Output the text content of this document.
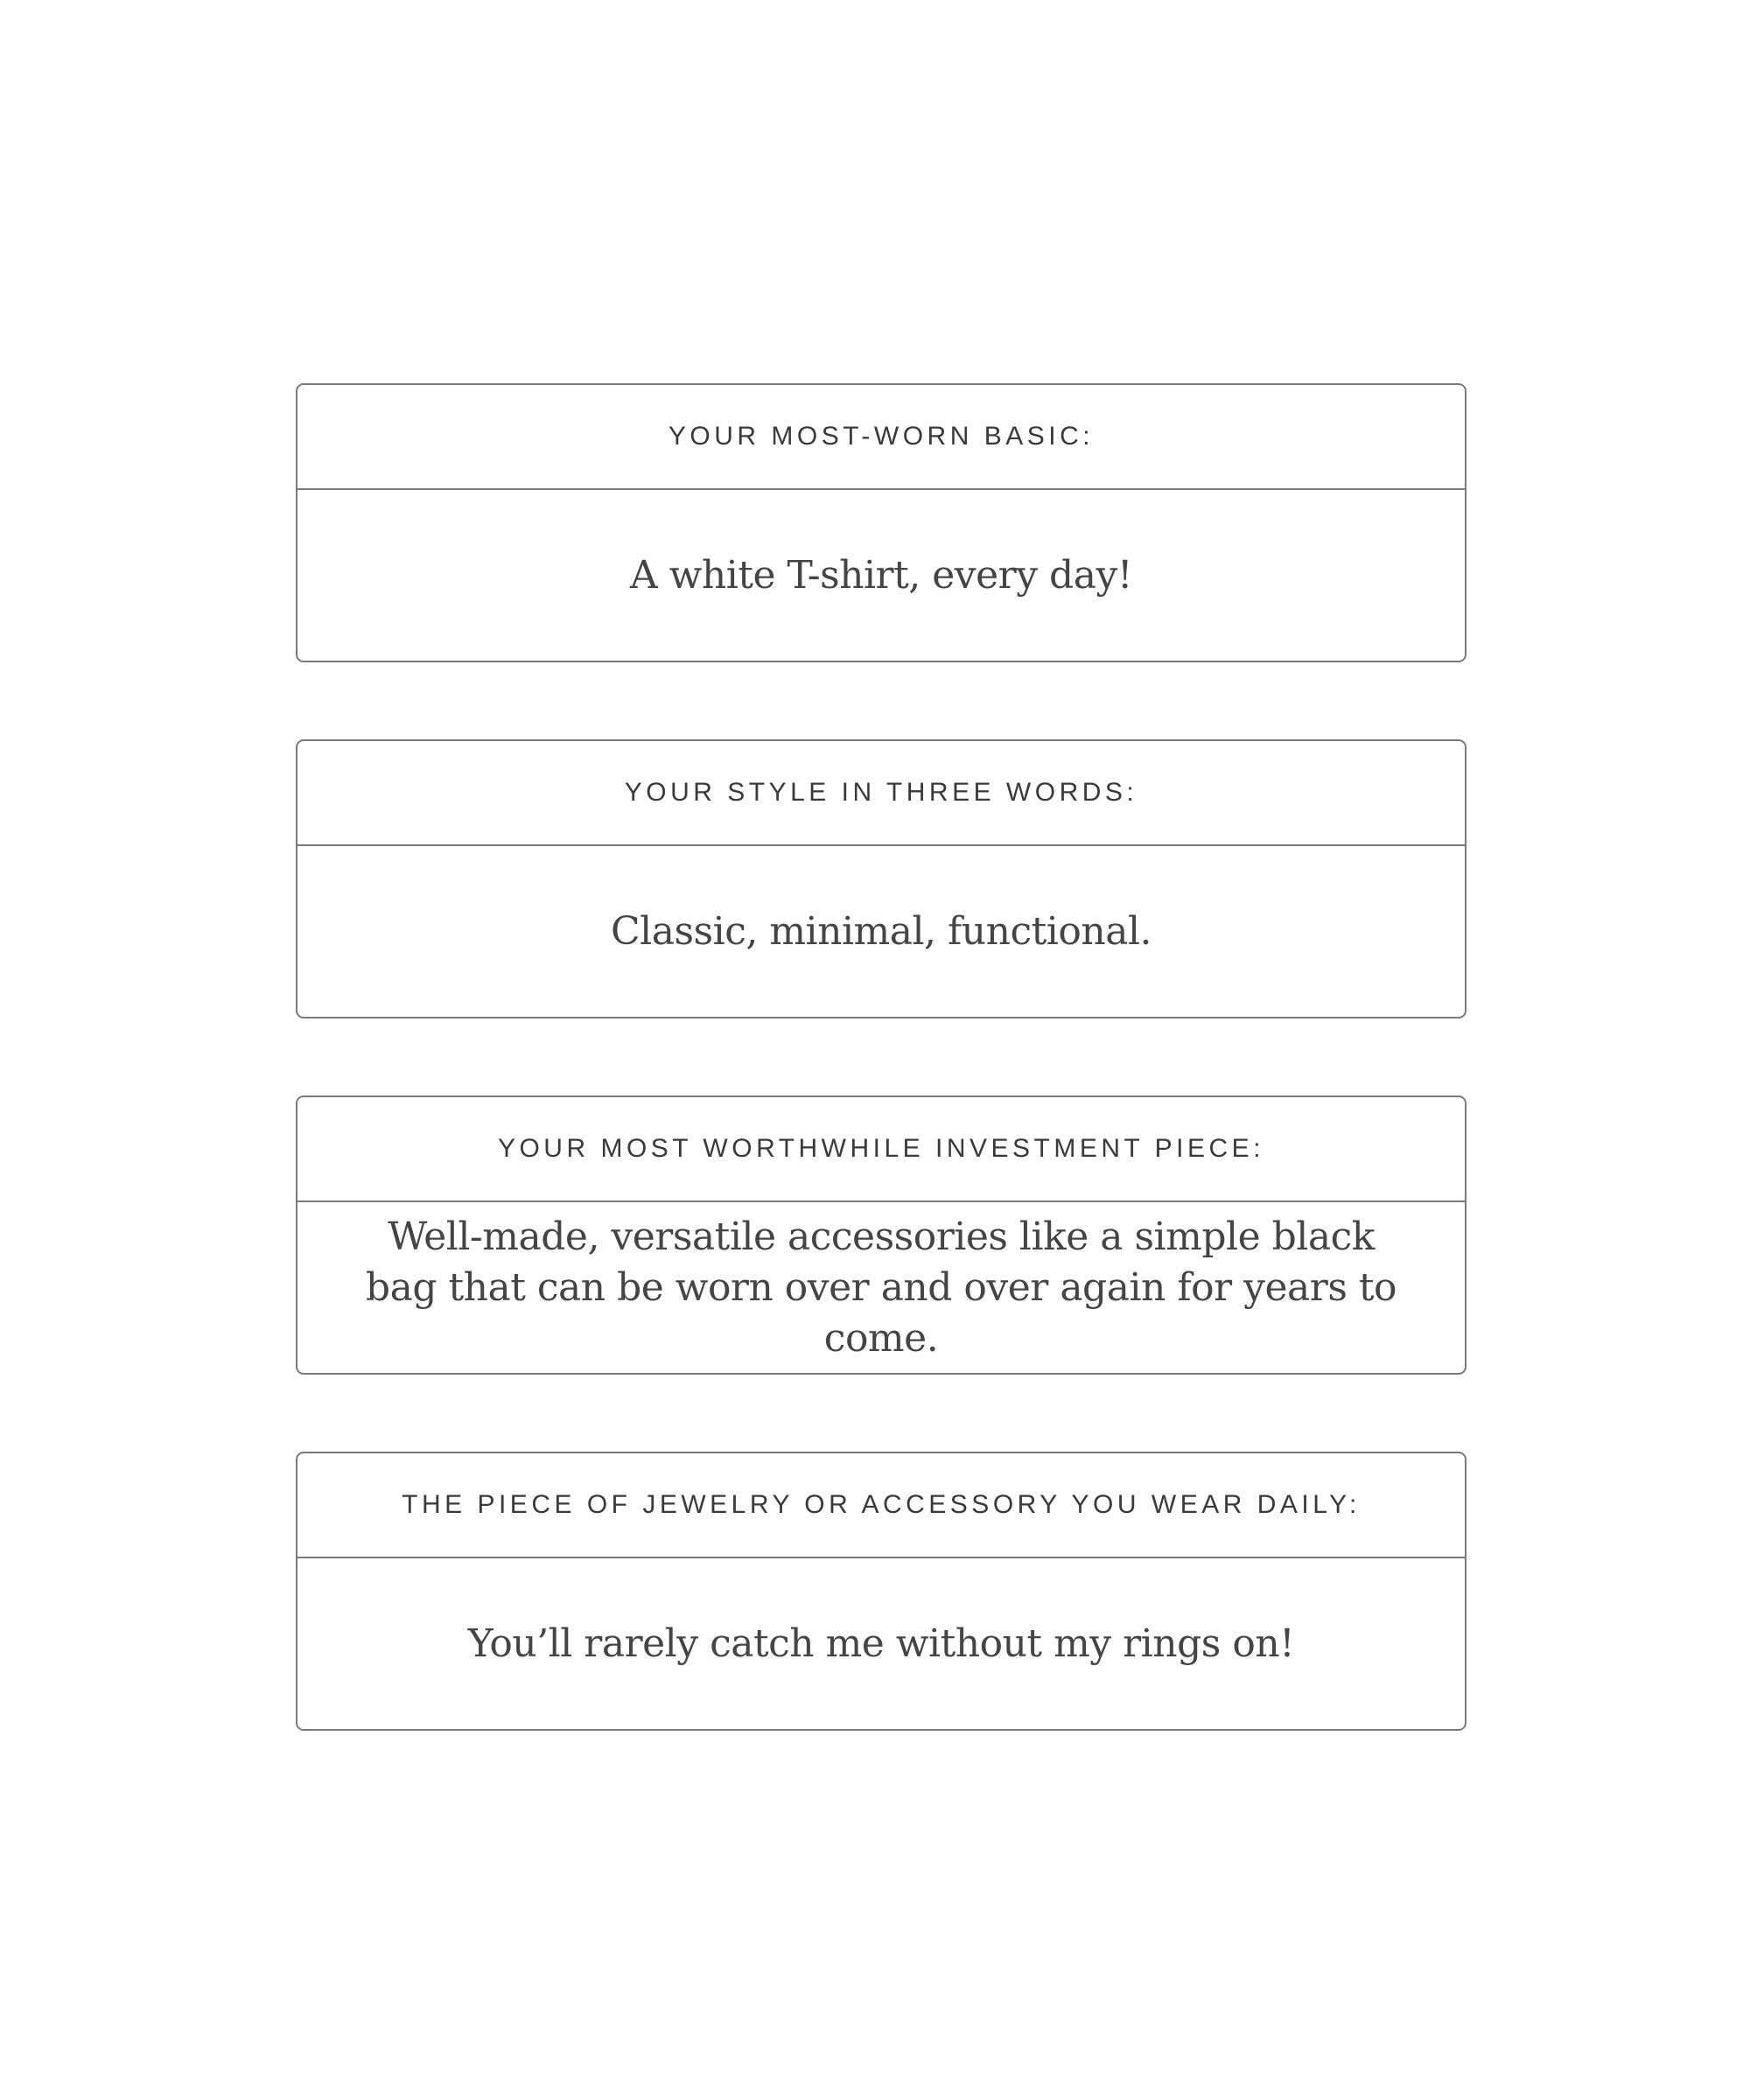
YOUR MOST-WORN BASIC:
A white T-shirt, every day!
YOUR STYLE IN THREE WORDS:
Classic, minimal, functional.
YOUR MOST WORTHWHILE INVESTMENT PIECE:
Well-made, versatile accessories like a simple black bag that can be worn over and over again for years to come.
THE PIECE OF JEWELRY OR ACCESSORY YOU WEAR DAILY:
You’ll rarely catch me without my rings on!
